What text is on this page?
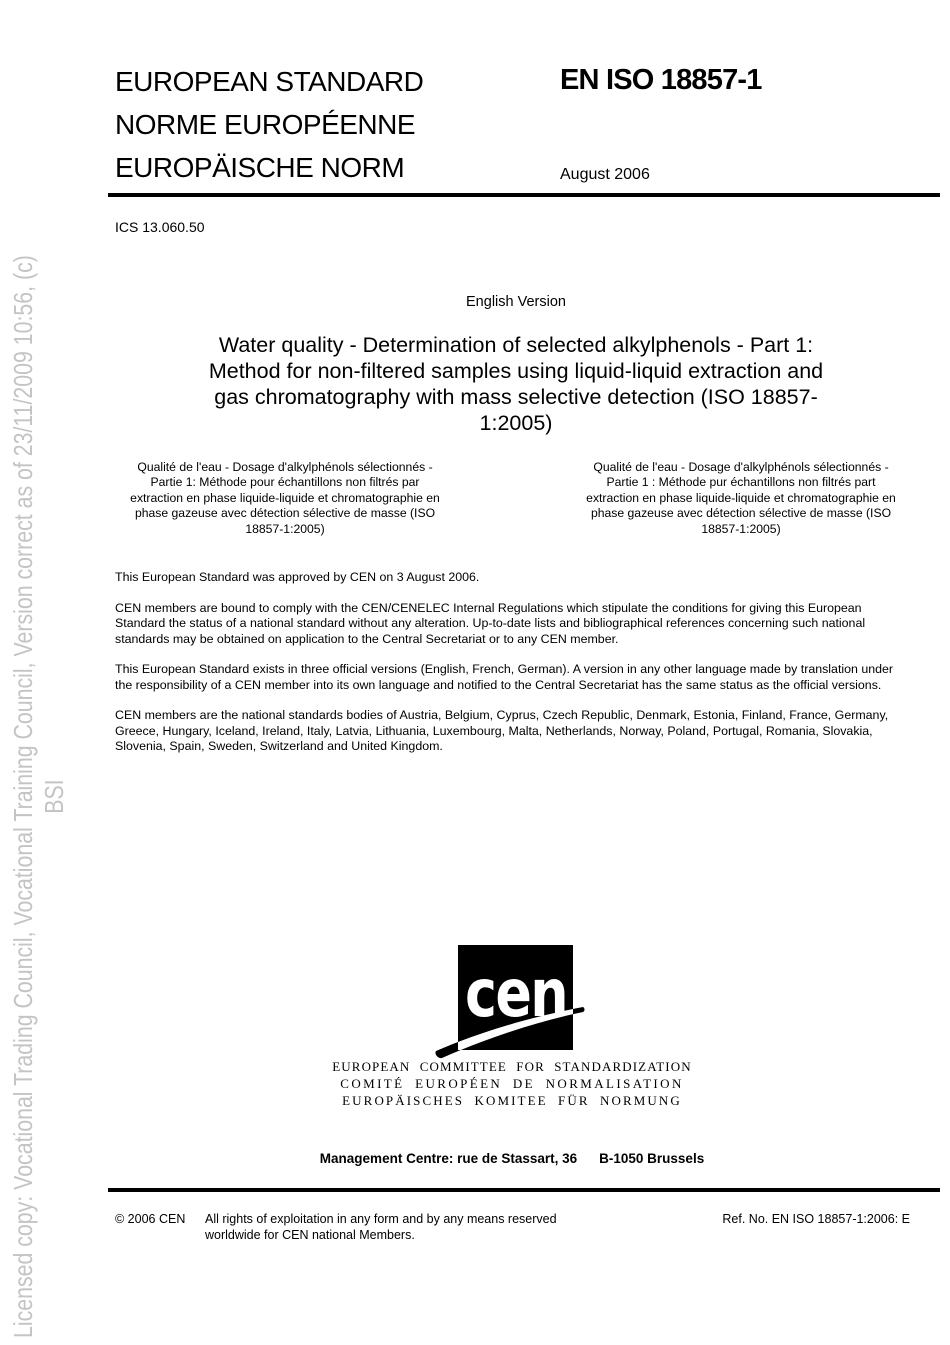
Licensed copy: Vocational Trading Council, Vocational Training Council, Version correct as of 23/11/2009 10:56, (c) BSI
EUROPEAN STANDARD
NORME EUROPÉENNE
EUROPÄISCHE NORM
EN ISO 18857-1
August 2006
ICS 13.060.50
English Version
Water quality - Determination of selected alkylphenols - Part 1:
Method for non-filtered samples using liquid-liquid extraction and
gas chromatography with mass selective detection (ISO 18857-
1:2005)
Qualité de l'eau - Dosage d'alkylphénols sélectionnés -
Partie 1: Méthode pour échantillons non filtrés par
extraction en phase liquide-liquide et chromatographie en
phase gazeuse avec détection sélective de masse (ISO
18857-1:2005)
Qualité de l'eau - Dosage d'alkylphénols sélectionnés -
Partie 1 : Méthode pur échantillons non filtrés part
extraction en phase liquide-liquide et chromatographie en
phase gazeuse avec détection sélective de masse (ISO
18857-1:2005)

This European Standard was approved by CEN on 3 August 2006.

CEN members are bound to comply with the CEN/CENELEC Internal Regulations which stipulate the conditions for giving this European Standard the status of a national standard without any alteration. Up-to-date lists and bibliographical references concerning such national standards may be obtained on application to the Central Secretariat or to any CEN member.

This European Standard exists in three official versions (English, French, German). A version in any other language made by translation under the responsibility of a CEN member into its own language and notified to the Central Secretariat has the same status as the official versions.

CEN members are the national standards bodies of Austria, Belgium, Cyprus, Czech Republic, Denmark, Estonia, Finland, France, Germany, Greece, Hungary, Iceland, Ireland, Italy, Latvia, Lithuania, Luxembourg, Malta, Netherlands, Norway, Poland, Portugal, Romania, Slovakia, Slovenia, Spain, Sweden, Switzerland and United Kingdom.

cen
EUROPEAN COMMITTEE FOR STANDARDIZATION
COMITÉ EUROPÉEN DE NORMALISATION
EUROPÄISCHES KOMITEE FÜR NORMUNG
Management Centre: rue de Stassart, 36 B-1050 Brussels
© 2006 CEN All rights of exploitation in any form and by any means reserved
worldwide for CEN national Members.
Ref. No. EN ISO 18857-1:2006: E
